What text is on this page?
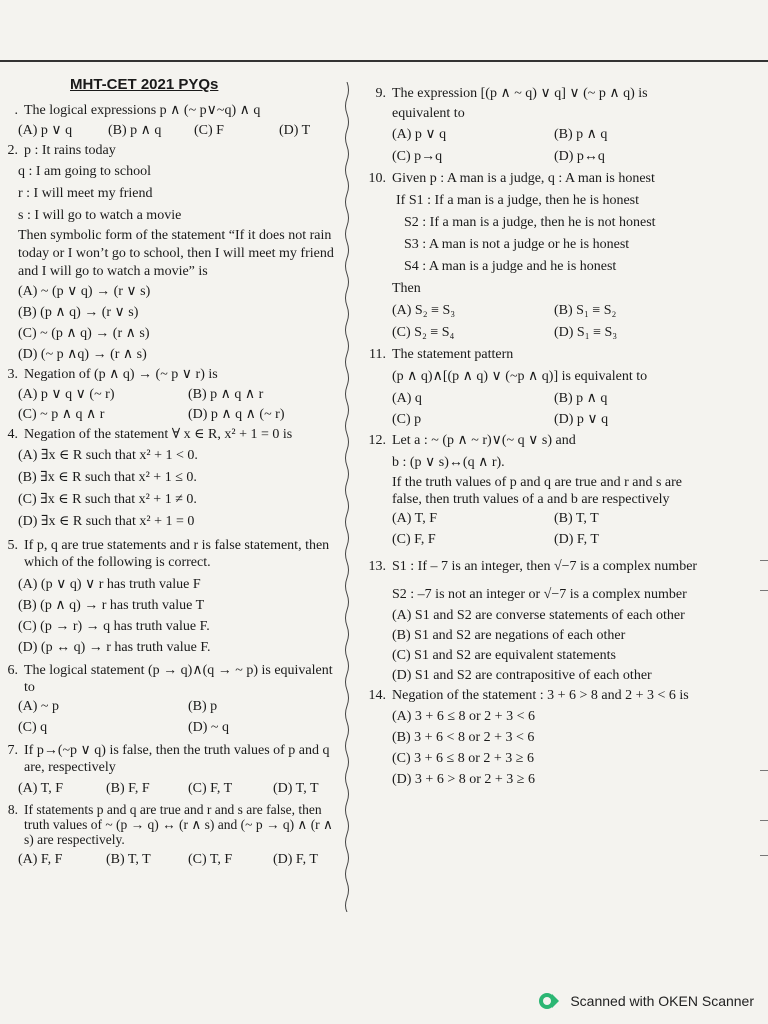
MHT-CET 2021 PYQs
. The logical expressions p ∧ (~ p∨~q) ∧ q
(A) p ∨ q	(B) p ∧ q	(C) F	(D) T
2. p : It rains today
q : I am going to school
r : I will meet my friend
s : I will go to watch a movie
Then symbolic form of the statement “If it does not rain today or I won’t go to school, then I will meet my friend and I will go to watch a movie” is
(A) ~ (p ∨ q) → (r ∨ s)
(B) (p ∧ q) → (r ∨ s)
(C) ~ (p ∧ q) → (r ∧ s)
(D) (~ p ∧q) → (r ∧ s)
3. Negation of (p ∧ q) → (~ p ∨ r) is
(A) p ∨ q ∨ (~ r)	(B) p ∧ q ∧ r
(C) ~ p ∧ q ∧ r	(D) p ∧ q ∧ (~ r)
4. Negation of the statement ∀ x ∈ R, x² + 1 = 0 is
(A) ∃x ∈ R such that x² + 1 < 0.
(B) ∃x ∈ R such that x² + 1 ≤ 0.
(C) ∃x ∈ R such that x² + 1 ≠ 0.
(D) ∃x ∈ R such that x² + 1 = 0
5. If p, q are true statements and r is false statement, then which of the following is correct.
(A) (p ∨ q) ∨ r has truth value F
(B) (p ∧ q) → r has truth value T
(C) (p → r) → q has truth value F.
(D) (p ↔ q) → r has truth value F.
6. The logical statement (p → q)∧(q → ~ p) is equivalent to
(A) ~ p	(B) p
(C) q	(D) ~ q
7. If p→(~p ∨ q) is false, then the truth values of p and q are, respectively
(A) T, F	(B) F, F	(C) F, T	(D) T, T
8. If statements p and q are true and r and s are false, then truth values of ~ (p → q) ↔ (r ∧ s) and (~ p → q) ∧ (r ∧ s) are respectively.
(A) F, F	(B) T, T	(C) T, F	(D) F, T
9. The expression [(p ∧ ~ q) ∨ q] ∨ (~ p ∧ q) is equivalent to
(A) p ∨ q	(B) p ∧ q
(C) p→q	(D) p↔q
10. Given p : A man is a judge, q : A man is honest
If S1 : If a man is a judge, then he is honest
S2 : If a man is a judge, then he is not honest
S3 : A man is not a judge or he is honest
S4 : A man is a judge and he is honest
Then
(A) S₂ ≡ S₃	(B) S₁ ≡ S₂
(C) S₂ ≡ S₄	(D) S₁ ≡ S₃
11. The statement pattern
(p ∧ q)∧[(p ∧ q) ∨ (~p ∧ q)] is equivalent to
(A) q	(B) p ∧ q
(C) p	(D) p ∨ q
12. Let a : ~ (p ∧ ~ r)∨(~ q ∨ s) and
b : (p ∨ s)↔(q ∧ r).
If the truth values of p and q are true and r and s are false, then truth values of a and b are respectively
(A) T, F	(B) T, T
(C) F, F	(D) F, T
13. S1 : If – 7 is an integer, then √−7 is a complex number
S2 : –7 is not an integer or √−7 is a complex number
(A) S1 and S2 are converse statements of each other
(B) S1 and S2 are negations of each other
(C) S1 and S2 are equivalent statements
(D) S1 and S2 are contrapositive of each other
14. Negation of the statement : 3 + 6 > 8 and 2 + 3 < 6 is
(A) 3 + 6 ≤ 8 or 2 + 3 < 6
(B) 3 + 6 < 8 or 2 + 3 < 6
(C) 3 + 6 ≤ 8 or 2 + 3 ≥ 6
(D) 3 + 6 > 8 or 2 + 3 ≥ 6
Scanned with OKEN Scanner
